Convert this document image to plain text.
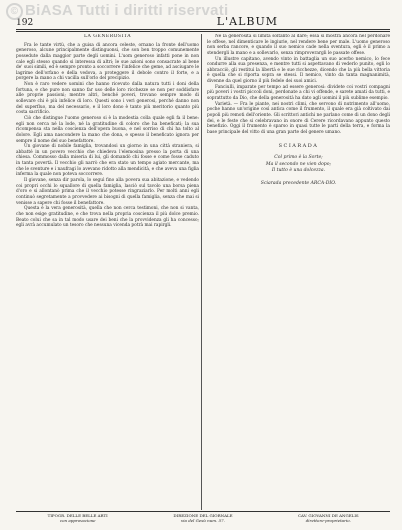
192	L'ALBUM
LA GENEROSITÀ

Fra le tante virtù, che a guisa di ancora celeste, ornano la fronte dell'uomo generoso, alcune principalmente distinguonsi, che son ben troppo comunemente possedute dalla maggior parte degli uomini. L'uom generoso infatti pone in non cale egli stesso quando si interessa di altri; le sue azioni sono consacrate al bene de' suoi simili, ed è sempre pronto a soccorrere l'infelice che geme, ad asciugare le lagrime dell'orfano e della vedova, a proteggere il debole contro il forte, e a porgere la mano a chi vacilla sull'orlo del precipizio.

Non è raro vedere uomini che hanno ricevuto dalla natura tutti i doni della fortuna, e che pure non sanno far uso delle loro ricchezze se non per soddisfare alle proprie passioni; mentre altri, benché poveri, trovano sempre modo di sollevare chi è più infelice di loro. Questi sono i veri generosi, perché danno non del superfluo, ma del necessario, e il loro dono è tanto più meritorio quanto più costa sacrificio.

Ciò che distingue l'uomo generoso si è la modestia colla quale egli fa il bene: egli non cerca né la lode, né la gratitudine di coloro che ha beneficati; la sua ricompensa sta nella coscienza dell'opera buona, e nel sorriso di chi ha tolto al dolore. Egli ama nascondere la mano che dona, e spesso il beneficato ignora per sempre il nome del suo benefattore.

Un giovane di nobile famiglia, trovandosi un giorno in una città straniera, si abbatté in un povero vecchio che chiedeva l'elemosina presso la porta di una chiesa. Commosso dalla miseria di lui, gli domandò chi fosse e come fosse caduto in tanta povertà. Il vecchio gli narrò che era stato un tempo agiato mercante, ma che le sventure e i naufragi lo avevano ridotto alla mendicità, e che aveva una figlia inferma la quale non poteva soccorrere.

Il giovane, senza dir parola, lo seguì fino alla povera sua abitazione, e vedendo coi propri occhi lo squallore di quella famiglia, lasciò sul tavolo una borsa piena d'oro e si allontanò prima che il vecchio potesse ringraziarlo. Per molti anni egli continuò segretamente a provvedere ai bisogni di quella famiglia, senza che mai si venisse a sapere chi fosse il benefattore.

Questa è la vera generosità, quella che non cerca testimoni, che non si vanta, che non esige gratitudine, e che trova nella propria coscienza il più dolce premio. Beato colui che sa in tal modo usare dei beni che la provvidenza gli ha concesso; egli avrà accumulato un tesoro che nessuna vicenda potrà mai rapirgli.

Né la generosità si limita soltanto al dare; essa si mostra ancora nel perdonare le offese, nel dimenticare le ingiurie, nel rendere bene per male. L'uomo generoso non serba rancore, e quando il suo nemico cade nella sventura, egli è il primo a stendergli la mano e a sollevarlo, senza rimproverargli le passate offese.

Un illustre capitano, avendo vinto in battaglia un suo acerbo nemico, lo fece condurre alla sua presenza, e mentre tutti si aspettavano di vederlo punito, egli lo abbracciò, gli restituì la libertà e le sue ricchezze, dicendo che la più bella vittoria è quella che si riporta sopra se stessi. Il nemico, vinto da tanta magnanimità, divenne da quel giorno il più fedele dei suoi amici.

Fanciulli, imparate per tempo ad essere generosi: dividete coi vostri compagni più poveri i vostri piccoli doni, perdonate a chi vi offende, e sarete amati da tutti, e soprattutto da Dio, che della generosità ha dato agli uomini il più sublime esempio.

Varietà. — Fra le piante, nei nostri climi, che servono di nutrimento all'uomo, poche hanno un'origine così antica come il frumento, il quale era già coltivato dai popoli più remoti dell'oriente. Gli scrittori antichi ne parlano come di un dono degli dei, e le feste che si celebravano in onore di Cerere ricordavano appunto questo benefizio. Oggi il frumento è sparso in quasi tutte le parti della terra, e forma la base principale del vitto di una gran parte del genere umano.

SCIARADA
Col primo è la Sorte;
Ma il secondo ne vien dopo;
Il tutto è una dolcezza.
Sciarada precedente ARCA-DIO.
TIPOGR. DELLE BELLE ARTI
con approvazione
DIREZIONE DEL GIORNALE
via del Gesù num. 57.
CAV. GIOVANNI DE ANGELIS
direttore-proprietario.
© BiASA Tutti i diritti riservati
